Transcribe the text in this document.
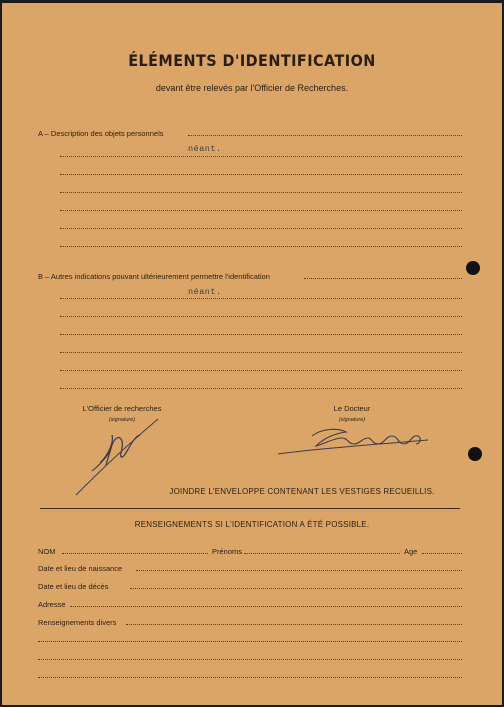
ÉLÉMENTS D'IDENTIFICATION
devant être relevés par l'Officier de Recherches.
A – Description des objets personnels
néant.
B – Autres indications pouvant ultérieurement permettre l'identification
néant.
L'Officier de recherches
(signature)
Le Docteur
(signature)
JOINDRE L'ENVELOPPE CONTENANT LES VESTIGES RECUEILLIS.
RENSEIGNEMENTS SI L'IDENTIFICATION A ÉTÉ POSSIBLE.
NOM	Prénoms	Age
Date et lieu de naissance
Date et lieu de décès
Adresse
Renseignements divers
